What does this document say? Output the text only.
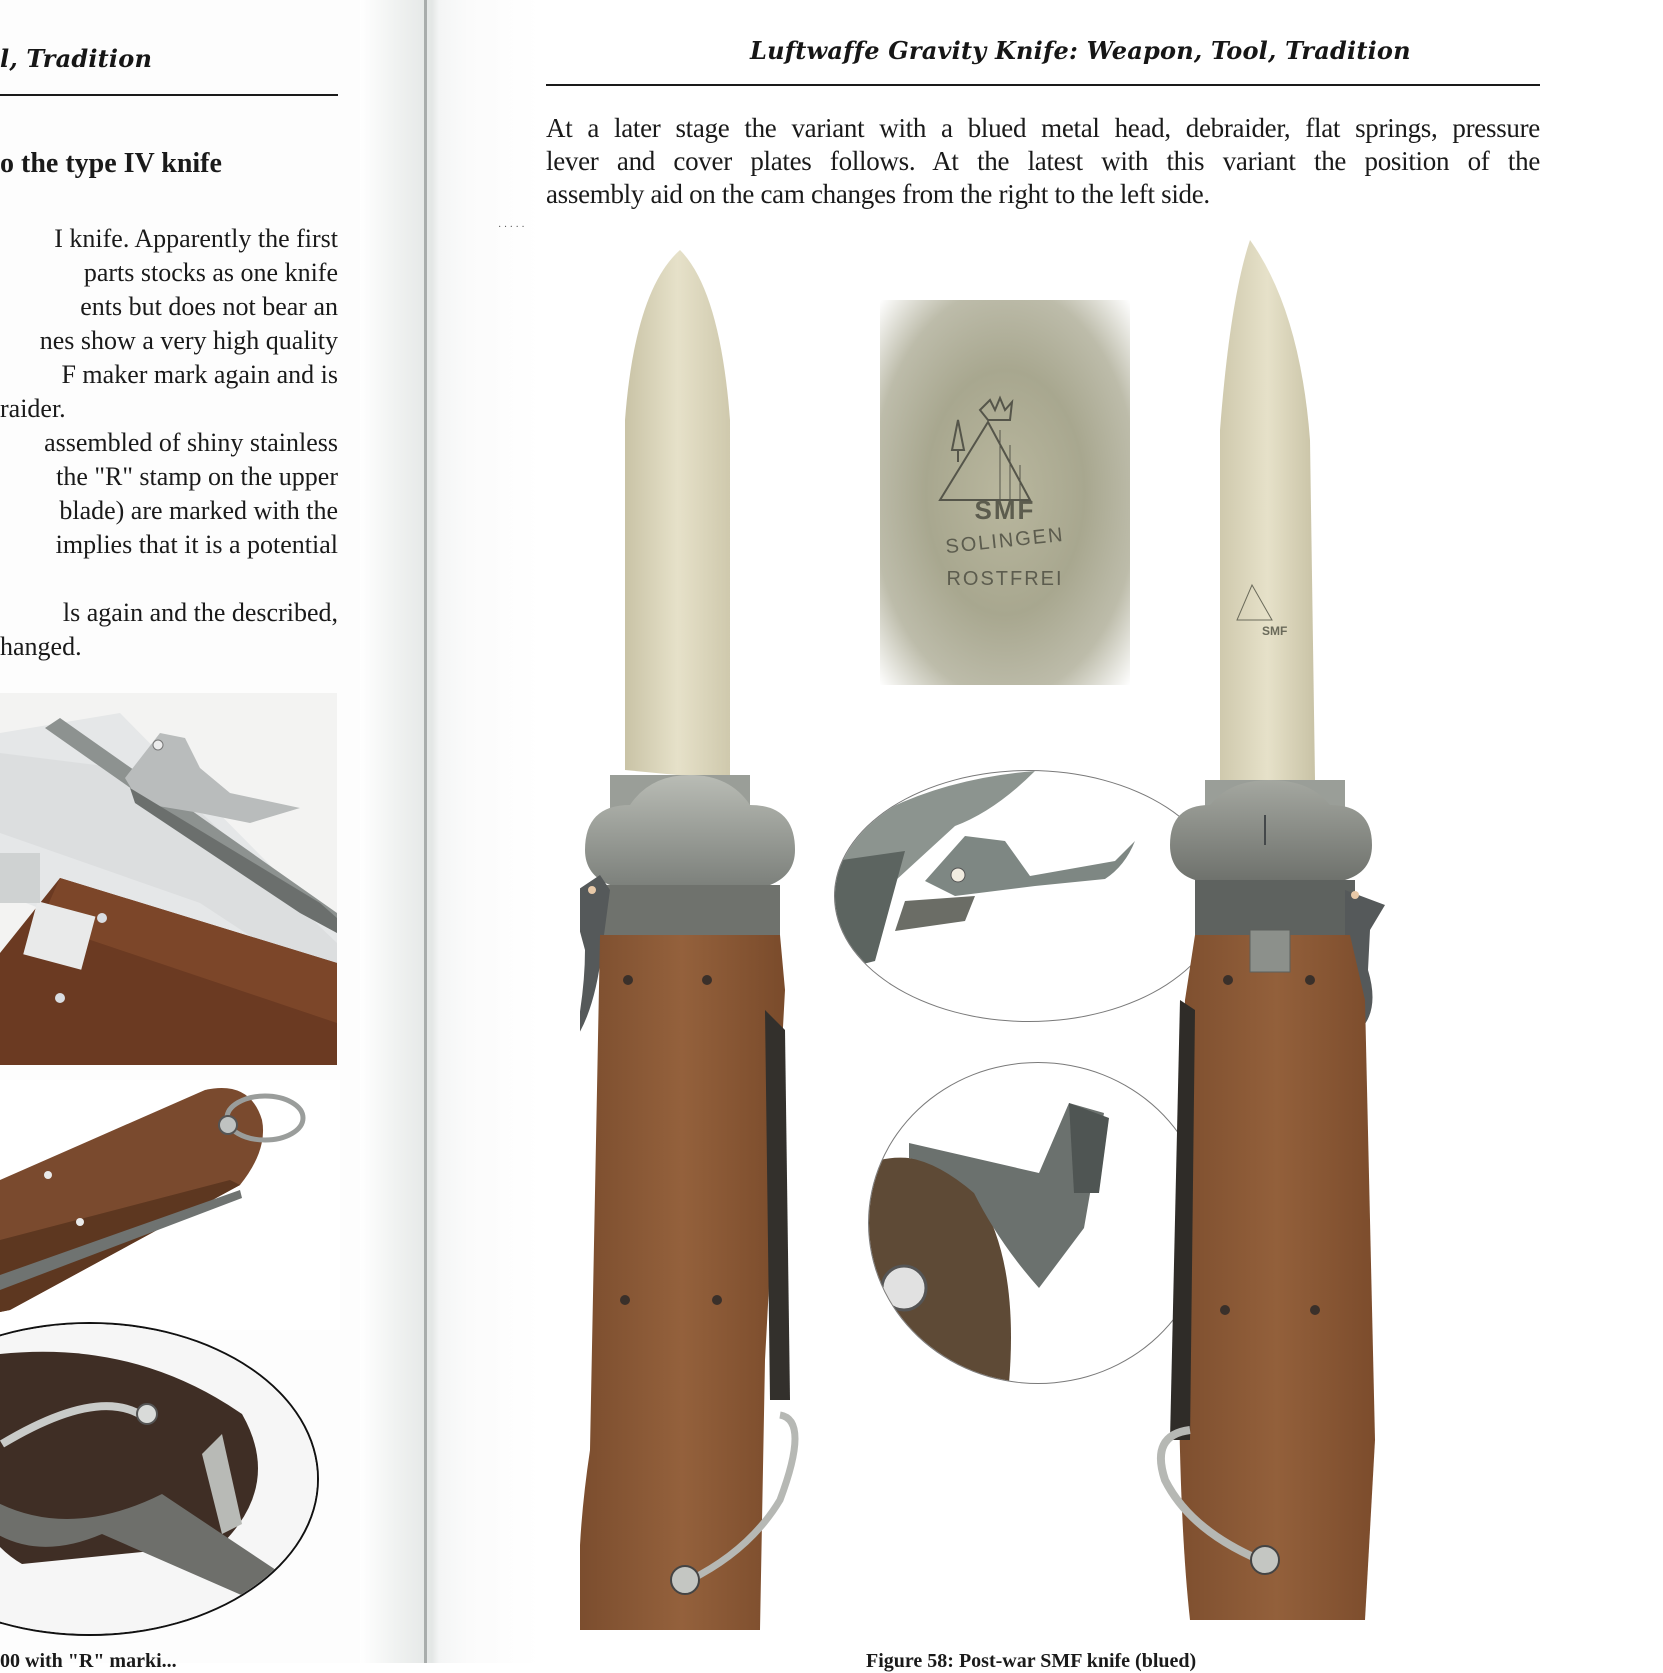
l, Tradition
o the type IV knife
I knife. Apparently the first
parts stocks as one knife
ents but does not bear an
nes show a very high quality
F maker mark again and is
raider.
assembled of shiny stainless
the "R" stamp on the upper
blade) are marked with the
implies that it is a potential
ls again and the described,
hanged.
00 with "R" marki...
· · · · ·
Luftwaffe Gravity Knife: Weapon, Tool, Tradition
At a later stage the variant with a blued metal head, debraider, flat springs, pressure
lever and cover plates follows. At the latest with this variant the position of the
assembly aid on the cam changes from the right to the left side.
SMF
SOLINGEN
ROSTFREI
SMF
Figure 58: Post-war SMF knife (blued)
